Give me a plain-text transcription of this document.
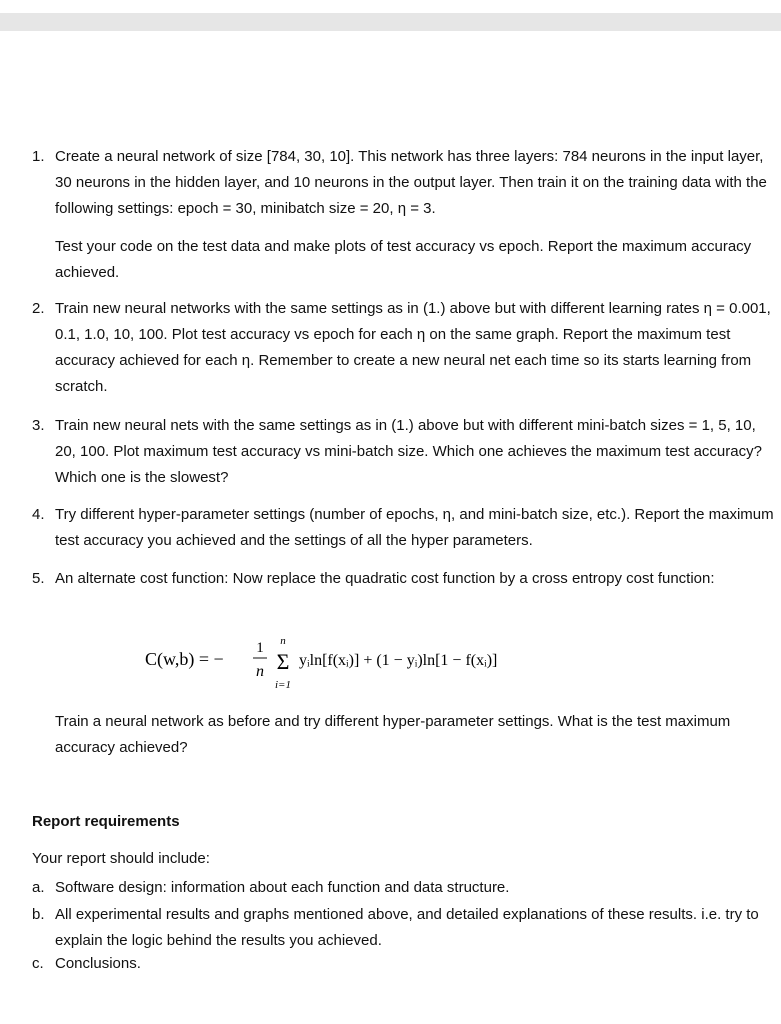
1. Create a neural network of size [784, 30, 10]. This network has three layers: 784 neurons in the input layer, 30 neurons in the hidden layer, and 10 neurons in the output layer. Then train it on the training data with the following settings: epoch = 30, minibatch size = 20, η = 3.

Test your code on the test data and make plots of test accuracy vs epoch. Report the maximum accuracy achieved.

2. Train new neural networks with the same settings as in (1.) above but with different learning rates η = 0.001, 0.1, 1.0, 10, 100. Plot test accuracy vs epoch for each η on the same graph. Report the maximum test accuracy achieved for each η. Remember to create a new neural net each time so its starts learning from scratch.

3. Train new neural nets with the same settings as in (1.) above but with different mini-batch sizes = 1, 5, 10, 20, 100. Plot maximum test accuracy vs mini-batch size. Which one achieves the maximum test accuracy? Which one is the slowest?

4. Try different hyper-parameter settings (number of epochs, η, and mini-batch size, etc.). Report the maximum test accuracy you achieved and the settings of all the hyper parameters.

5. An alternate cost function: Now replace the quadratic cost function by a cross entropy cost function:

C(w,b) = −
1
n
n
Σ
i=1
yᵢln[f(xᵢ)] + (1 − yᵢ)ln[1 − f(xᵢ)]

Train a neural network as before and try different hyper-parameter settings. What is the test maximum accuracy achieved?

Report requirements
Your report should include:
a. Software design: information about each function and data structure.

b. All experimental results and graphs mentioned above, and detailed explanations of these results. i.e. try to explain the logic behind the results you achieved.

c. Conclusions.
